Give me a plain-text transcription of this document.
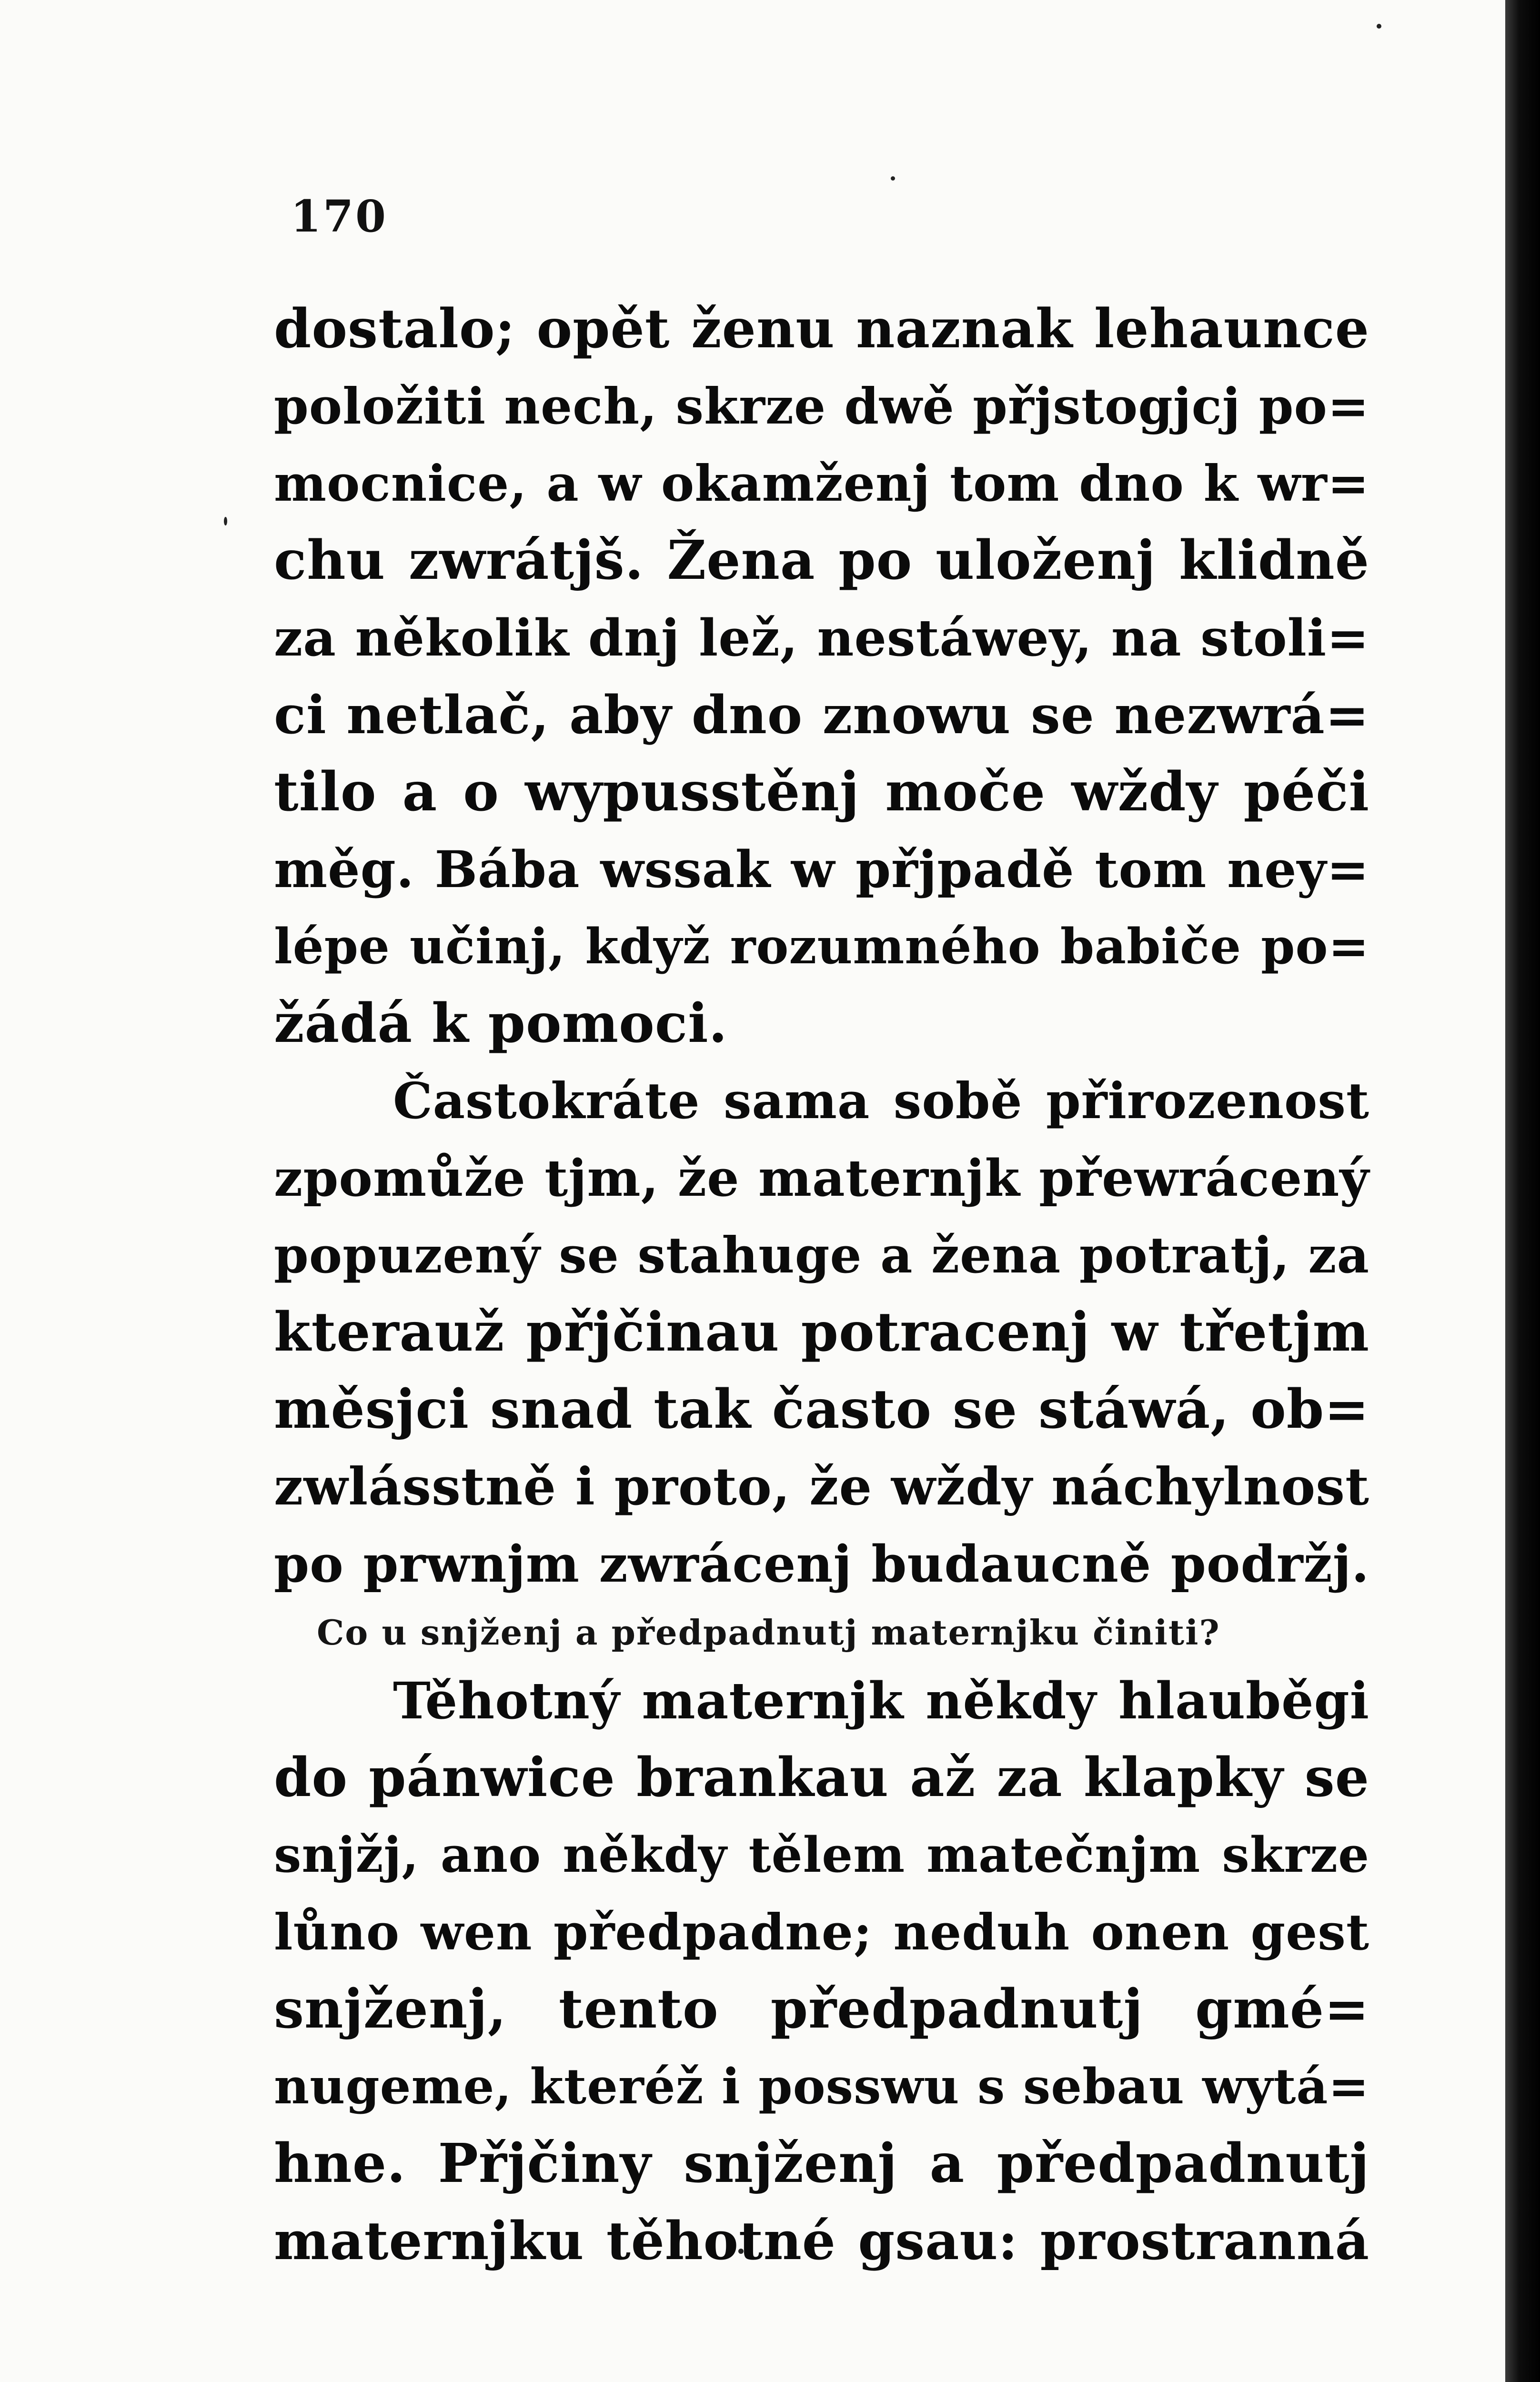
170
dostalo; opět ženu naznak lehaunce
položiti nech, skrze dwě přjstogjcj po=
mocnice, a w okamženj tom dno k wr=
chu zwrátjš. Žena po uloženj klidně
za několik dnj lež, nestáwey, na stoli=
ci netlač, aby dno znowu se nezwrá=
tilo a o wypusstěnj moče wždy péči
měg. Bába wssak w přjpadě tom ney=
lépe učinj, když rozumného babiče po=
žádá k pomoci.
Častokráte sama sobě přirozenost
zpomůže tjm, že maternjk přewrácený
popuzený se stahuge a žena potratj, za
kterauž přjčinau potracenj w třetjm
měsjci snad tak často se stáwá, ob=
zwlásstně i proto, že wždy náchylnost
po prwnjm zwrácenj budaucně podržj.
Co u snjženj a předpadnutj maternjku činiti?
Těhotný maternjk někdy hlauběgi
do pánwice brankau až za klapky se
snjžj, ano někdy tělem matečnjm skrze
lůno wen předpadne; neduh onen gest
snjženj, tento předpadnutj gmé=
nugeme, kteréž i posswu s sebau wytá=
hne. Přjčiny snjženj a předpadnutj
maternjku těhotné gsau: prostranná
